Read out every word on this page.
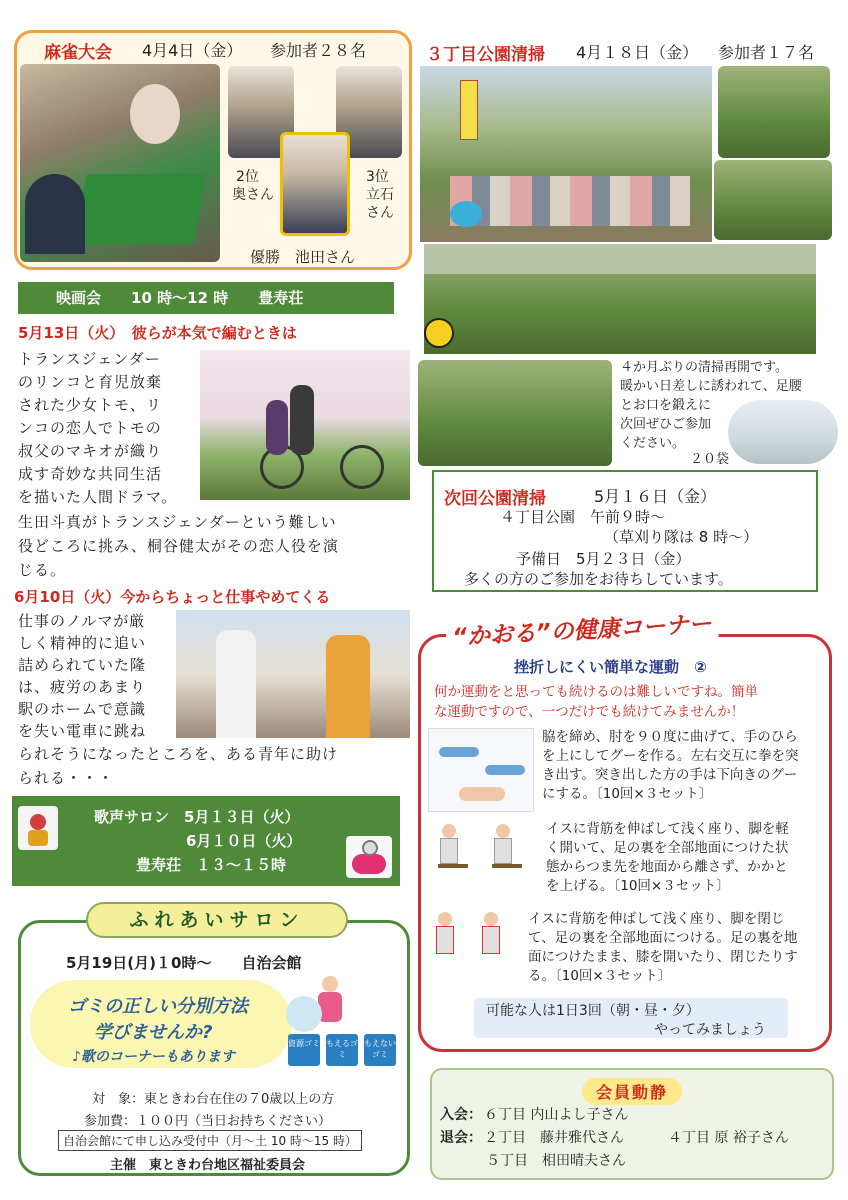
麻雀大会 4月4日（金） 参加者２８名
2位
奥さん
3位
立石
さん
優勝　池田さん
映画会　　10 時～12 時　　豊寿荘
5月13日（火）　彼らが本気で編むときは
トランスジェンダー
のリンコと育児放棄
された少女トモ、リ
ンコの恋人でトモの
叔父のマキオが織り
成す奇妙な共同生活
を描いた人間ドラマ。
生田斗真がトランスジェンダーという難しい
役どころに挑み、桐谷健太がその恋人役を演
じる。
6月10日（火）今からちょっと仕事やめてくる
仕事のノルマが厳
しく精神的に追い
詰められていた隆
は、疲労のあまり
駅のホームで意識
を失い電車に跳ね
られそうになったところを、ある青年に助け
られる・・・
歌声サロン　5月１３日（火）
6月１０日（火）
豊寿荘　１３～１５時
ふれあいサロン
5月19日(月)１0時～　　自治会館
ゴミの正しい分別方法
学びませんか?
♪歌のコーナーもあります
資源ゴミ もえるゴミ
もえないゴミ
対　象：東ときわ台在住の７0歳以上の方
参加費：１００円（当日お持ちください）
自治会館にて申し込み受付中（月～土 10 時～15 時）
主催　東ときわ台地区福祉委員会
３丁目公園清掃 4月１８日（金） 参加者１７名
４か月ぶりの清掃再開です。
暖かい日差しに誘われて、足腰
とお口を鍛えに
次回ぜひご参加
ください。
２０袋
次回公園清掃	5月１６日（金）
４丁目公園　午前９時～
（草刈り隊は 8 時～）
予備日　5月２３日（金）
多くの方のご参加をお待ちしています。
“かおる”の健康コーナー
挫折しにくい簡単な運動　②
何か運動をと思っても続けるのは難しいですね。簡単
な運動ですので、一つだけでも続けてみませんか！
脇を締め、肘を９０度に曲げて、手のひら
を上にしてグーを作る。左右交互に拳を突
き出す。突き出した方の手は下向きのグー
にする。〔10回×３セット〕
イスに背筋を伸ばして浅く座り、脚を軽
く開いて、足の裏を全部地面につけた状
態からつま先を地面から離さず、かかと
を上げる。〔10回×３セット〕
イスに背筋を伸ばして浅く座り、脚を閉じ
て、足の裏を全部地面につける。足の裏を地
面につけたまま、膝を開いたり、閉じたりす
る。〔10回×３セット〕
可能な人は1日3回（朝・昼・夕）
やってみましょう
会員動静
入会： ６丁目 内山よし子さん
退会： ２丁目　藤井雅代さん	４丁目 原 裕子さん
５丁目　相田晴夫さん
